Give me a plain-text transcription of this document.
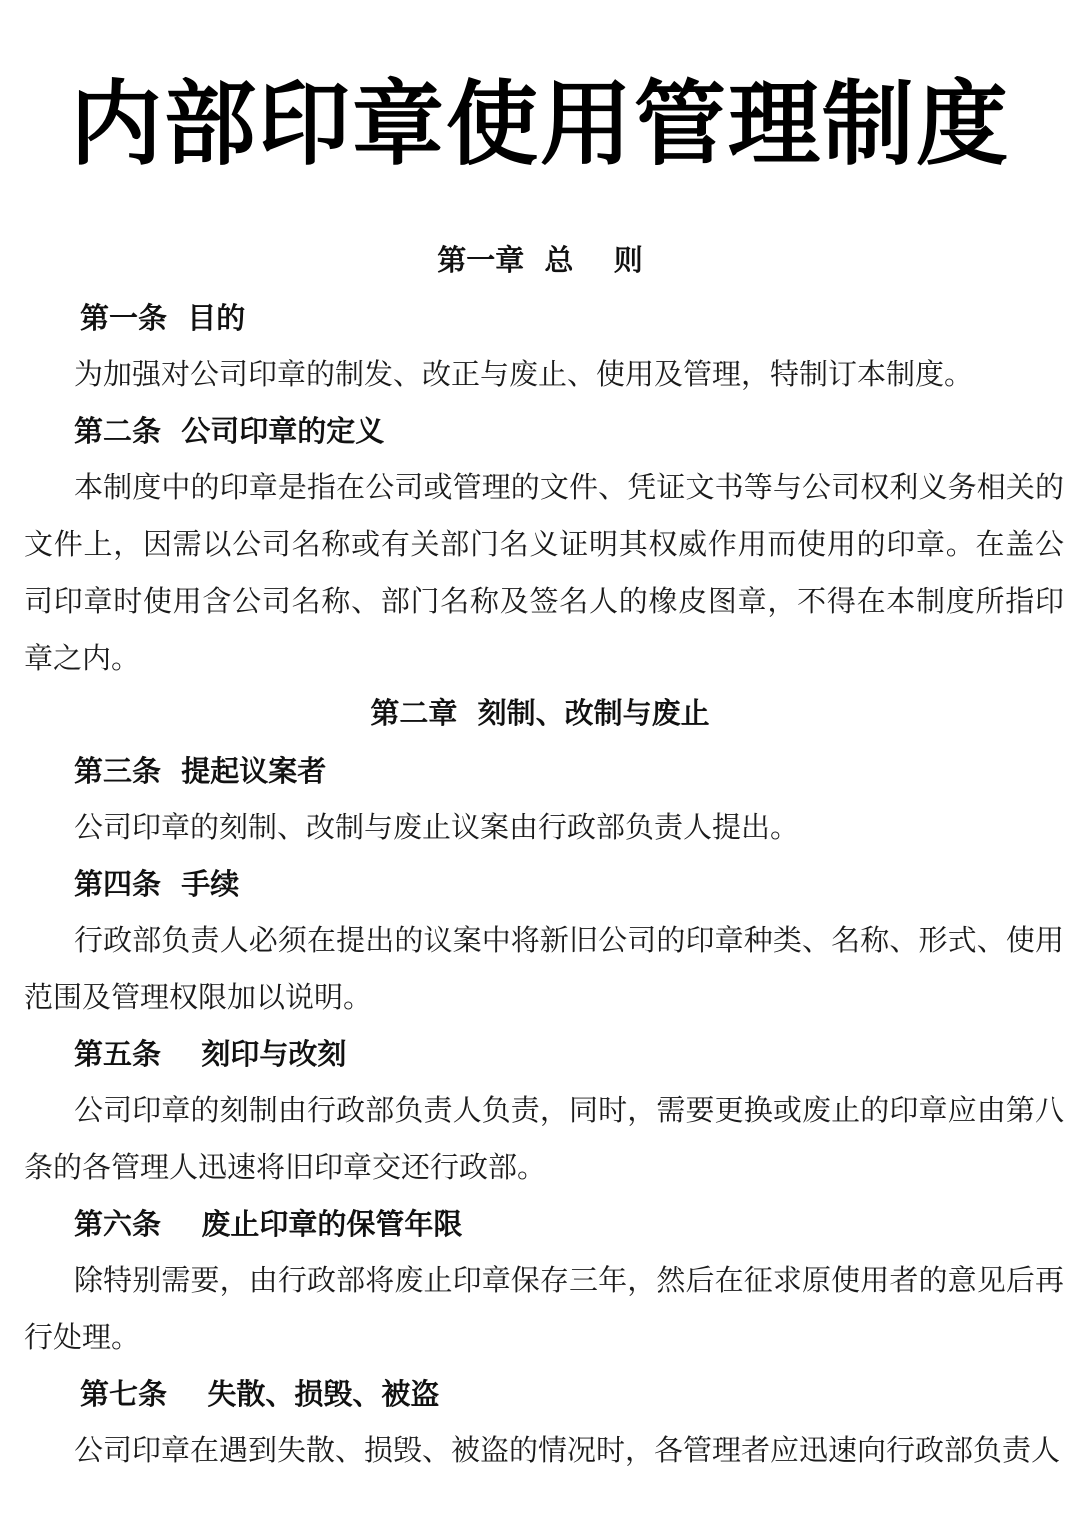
内部印章使用管理制度
第一章  总    则
第一条  目的
为加强对公司印章的制发、改正与废止、使用及管理，特制订本制度。
第二条  公司印章的定义
本制度中的印章是指在公司或管理的文件、凭证文书等与公司权利义务相关的文件上，因需以公司名称或有关部门名义证明其权威作用而使用的印章。在盖公司印章时使用含公司名称、部门名称及签名人的橡皮图章，不得在本制度所指印章之内。
第二章  刻制、改制与废止
第三条  提起议案者
公司印章的刻制、改制与废止议案由行政部负责人提出。
第四条  手续
行政部负责人必须在提出的议案中将新旧公司的印章种类、名称、形式、使用范围及管理权限加以说明。
第五条    刻印与改刻
公司印章的刻制由行政部负责人负责，同时，需要更换或废止的印章应由第八条的各管理人迅速将旧印章交还行政部。
第六条    废止印章的保管年限
除特别需要，由行政部将废止印章保存三年，然后在征求原使用者的意见后再行处理。
第七条    失散、损毁、被盗
公司印章在遇到失散、损毁、被盗的情况时，各管理者应迅速向行政部负责人
